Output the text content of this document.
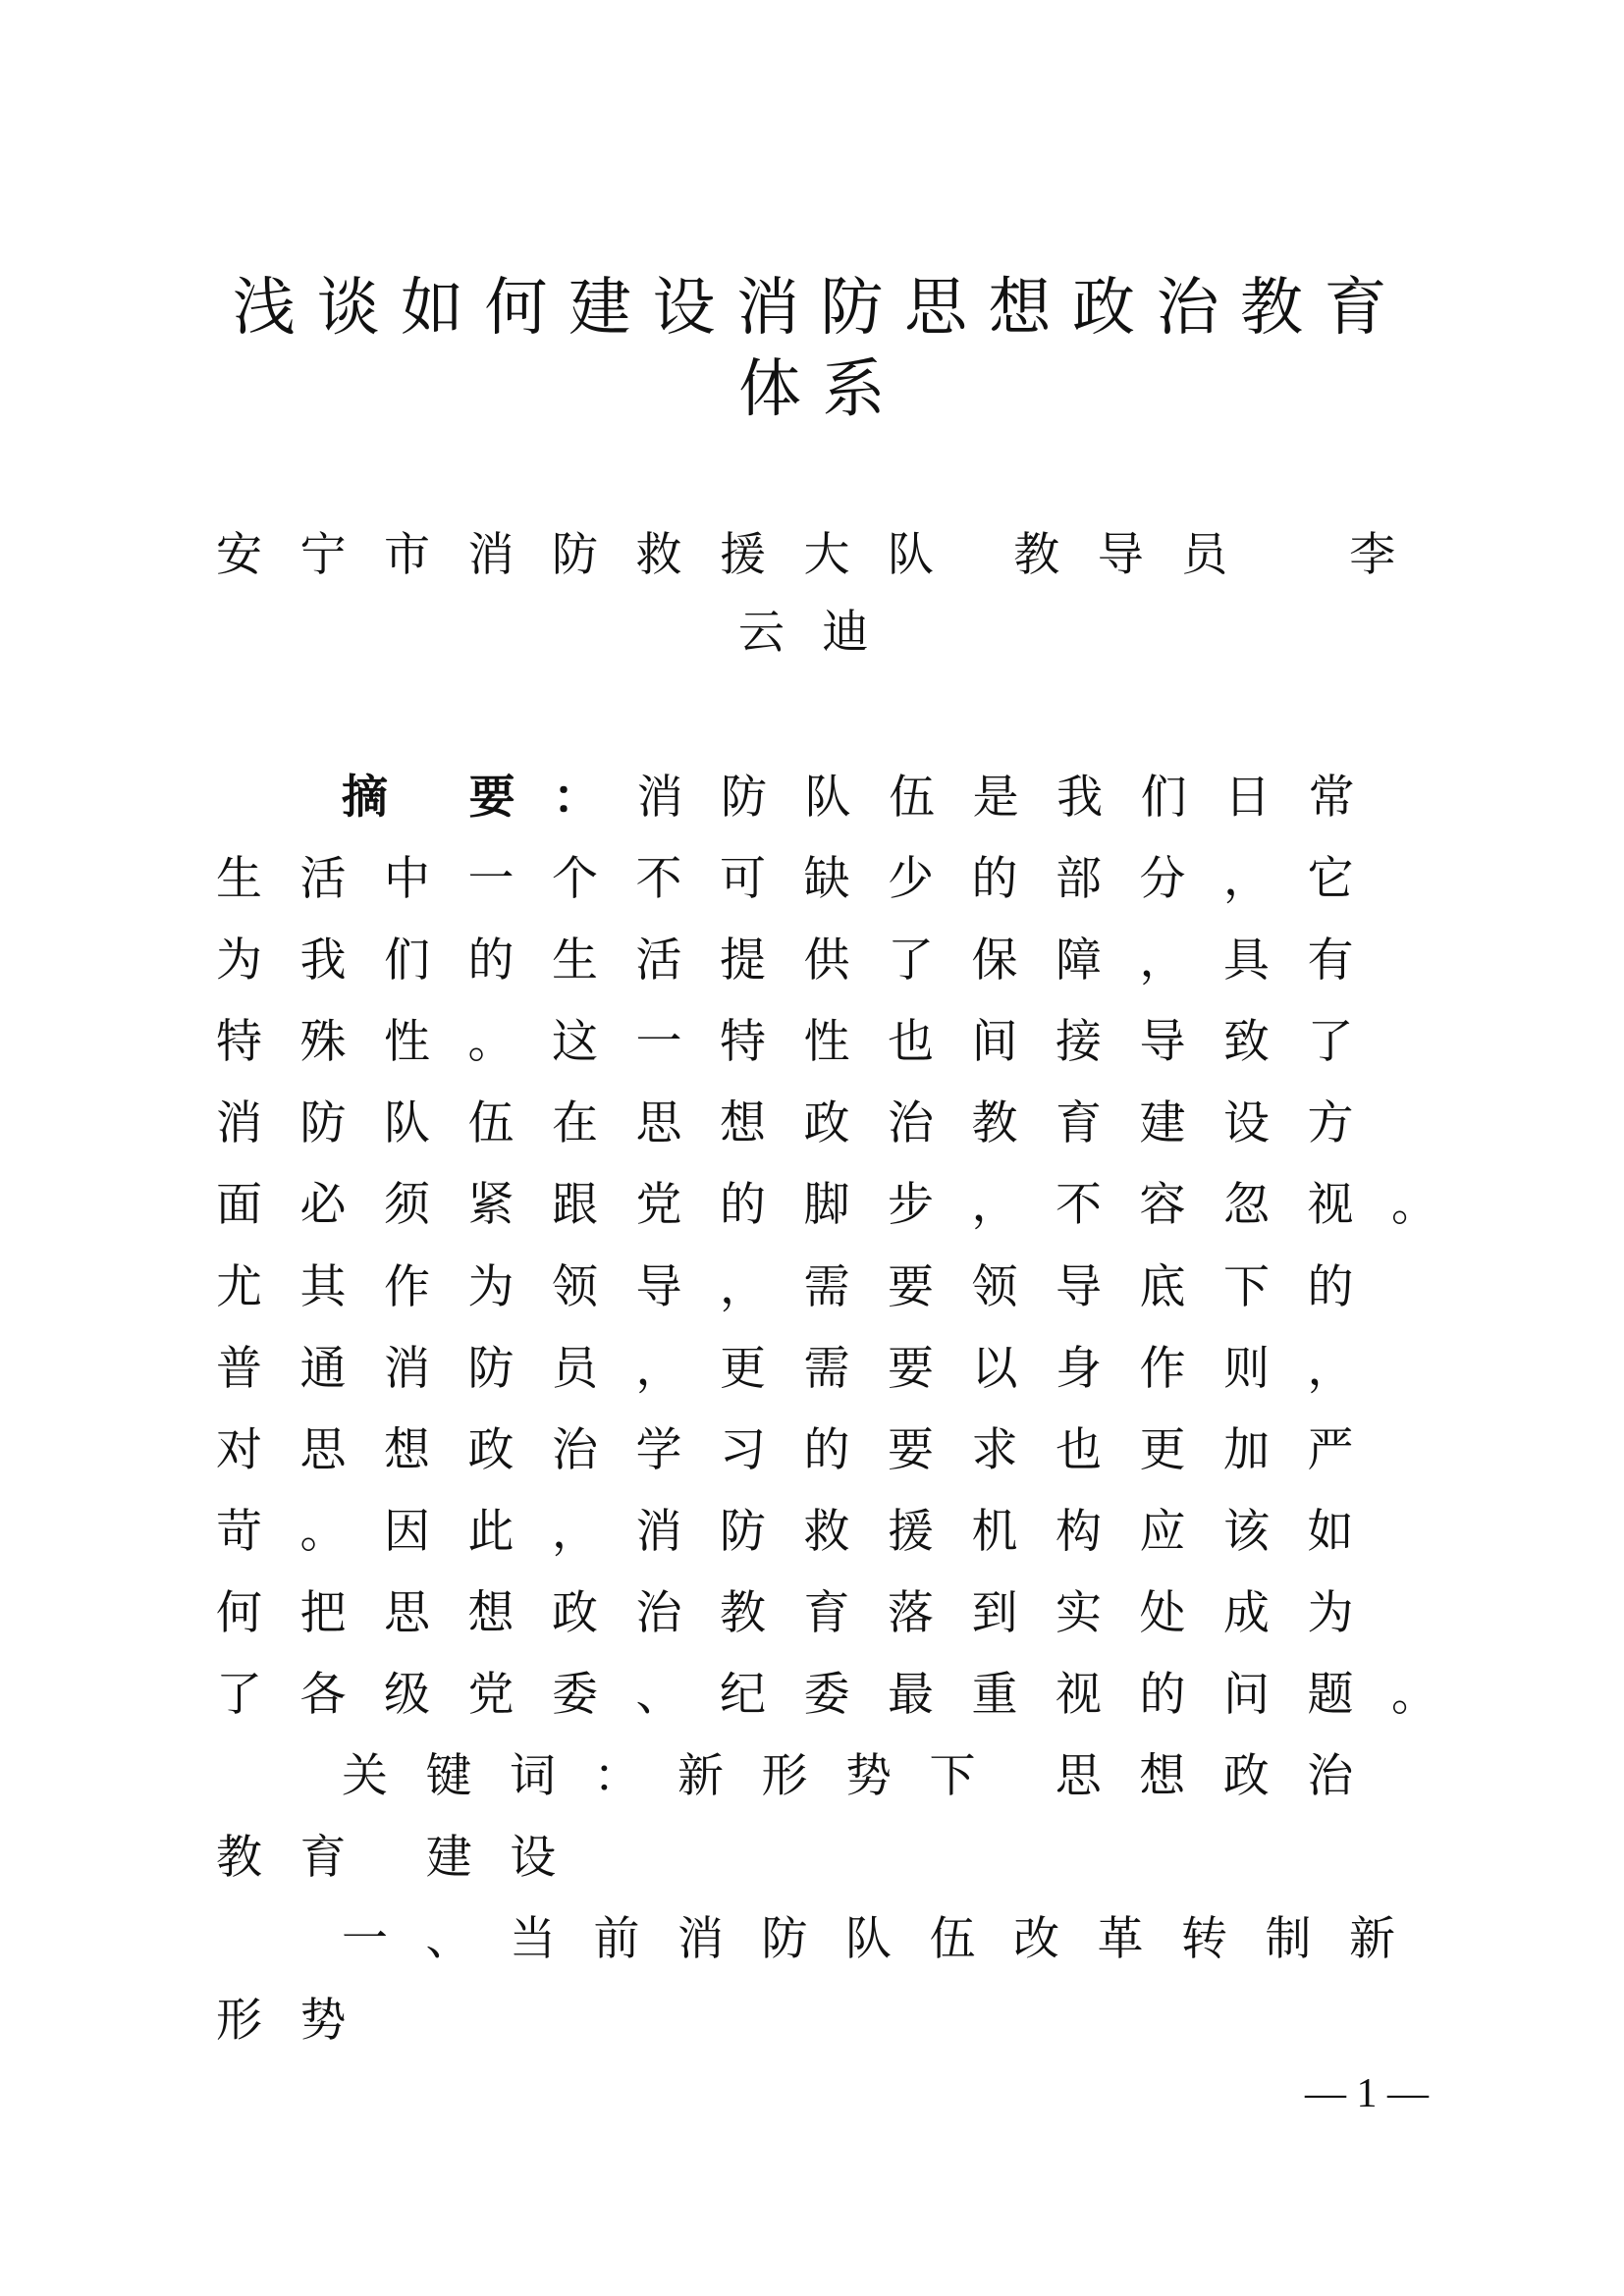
浅谈如何建设消防思想政治教育
体系
安宁市消防救援大队 教导员  李
云迪
摘 要：消防队伍是我们日常
生活中一个不可缺少的部分，它
为我们的生活提供了保障，具有
特殊性。这一特性也间接导致了
消防队伍在思想政治教育建设方
面必须紧跟党的脚步，不容忽视。
尤其作为领导，需要领导底下的
普通消防员，更需要以身作则，
对思想政治学习的要求也更加严
苛。因此，消防救援机构应该如
何把思想政治教育落到实处成为
了各级党委、纪委最重视的问题。
关键词：新形势下 思想政治
教育 建设
一、当前消防队伍改革转制新
形势
— 1 —
